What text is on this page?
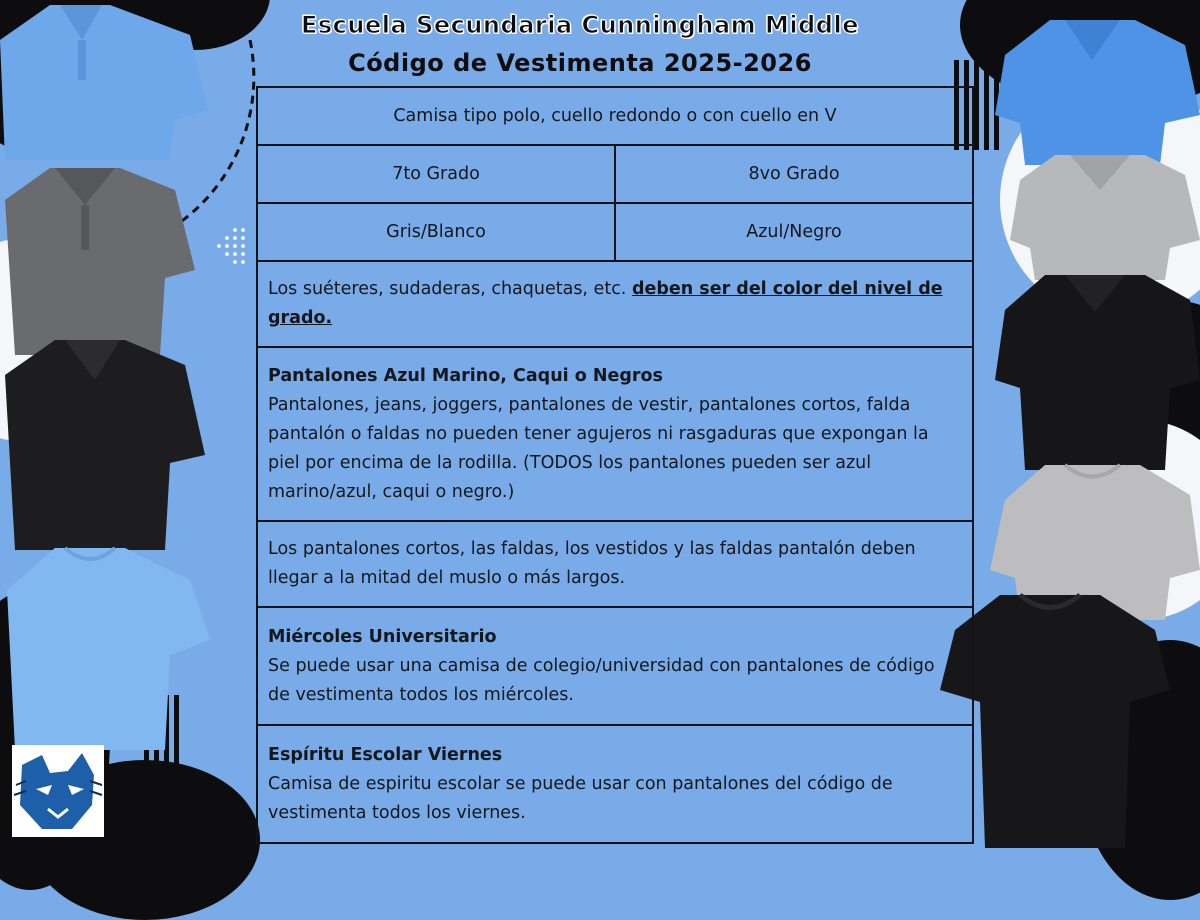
Escuela Secundaria Cunningham Middle
Código de Vestimenta 2025-2026
Camisa tipo polo, cuello redondo o con cuello en V	
7to Grado	8vo Grado
Gris/Blanco	Azul/Negro
Los suéteres, sudaderas, chaquetas, etc. deben ser del color del nivel de grado.	

Pantalones Azul Marino, Caqui o Negros
Pantalones, jeans, joggers, pantalones de vestir, pantalones cortos, falda pantalón o faldas no pueden tener agujeros ni rasgaduras que expongan la piel por encima de la rodilla. (TODOS los pantalones pueden ser azul marino/azul, caqui o negro.)	

Los pantalones cortos, las faldas, los vestidos y las faldas pantalón deben llegar a la mitad del muslo o más largos.	

Miércoles Universitario
Se puede usar una camisa de colegio/universidad con pantalones de código de vestimenta todos los miércoles.	

Espíritu Escolar Viernes
Camisa de espiritu escolar se puede usar con pantalones del código de vestimenta todos los viernes.	
